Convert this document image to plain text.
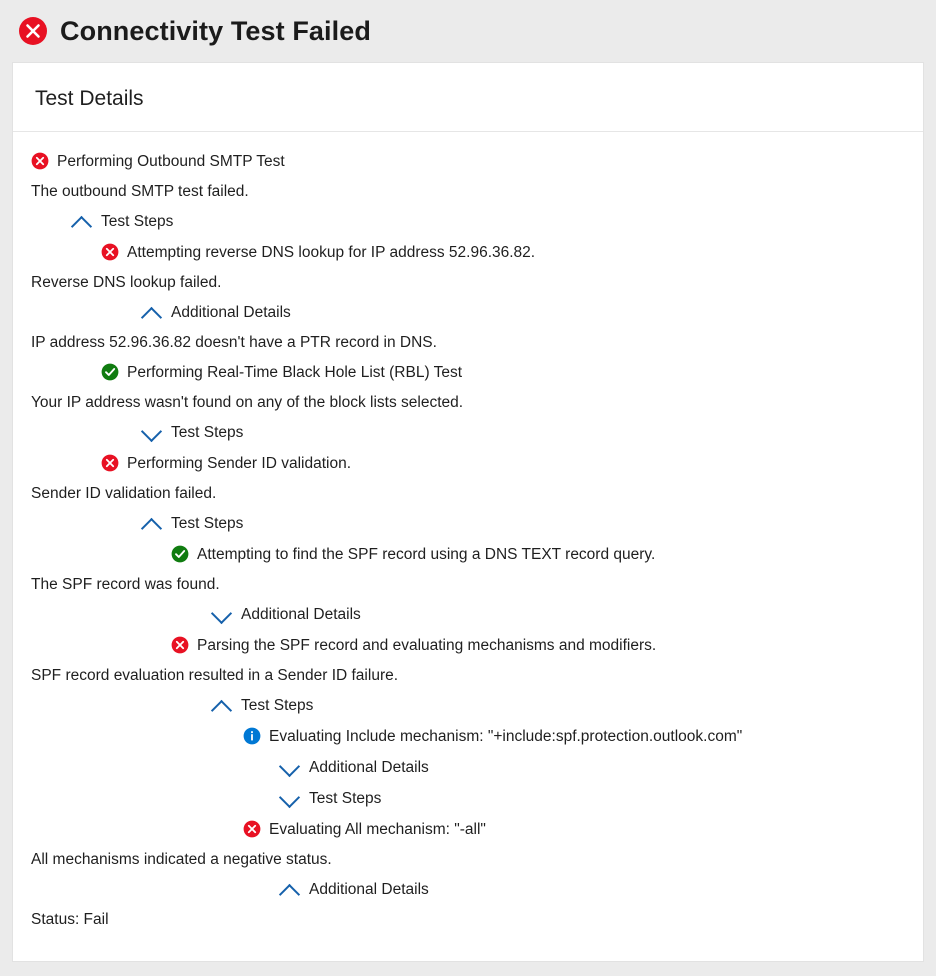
Connectivity Test Failed
Test Details
Performing Outbound SMTP Test
The outbound SMTP test failed.
Test Steps
Attempting reverse DNS lookup for IP address 52.96.36.82.
Reverse DNS lookup failed.
Additional Details
IP address 52.96.36.82 doesn't have a PTR record in DNS.
Performing Real-Time Black Hole List (RBL) Test
Your IP address wasn't found on any of the block lists selected.
Test Steps
Performing Sender ID validation.
Sender ID validation failed.
Test Steps
Attempting to find the SPF record using a DNS TEXT record query.
The SPF record was found.
Additional Details
Parsing the SPF record and evaluating mechanisms and modifiers.
SPF record evaluation resulted in a Sender ID failure.
Test Steps
Evaluating Include mechanism: "+include:spf.protection.outlook.com"
Additional Details
Test Steps
Evaluating All mechanism: "-all"
All mechanisms indicated a negative status.
Additional Details
Status: Fail
